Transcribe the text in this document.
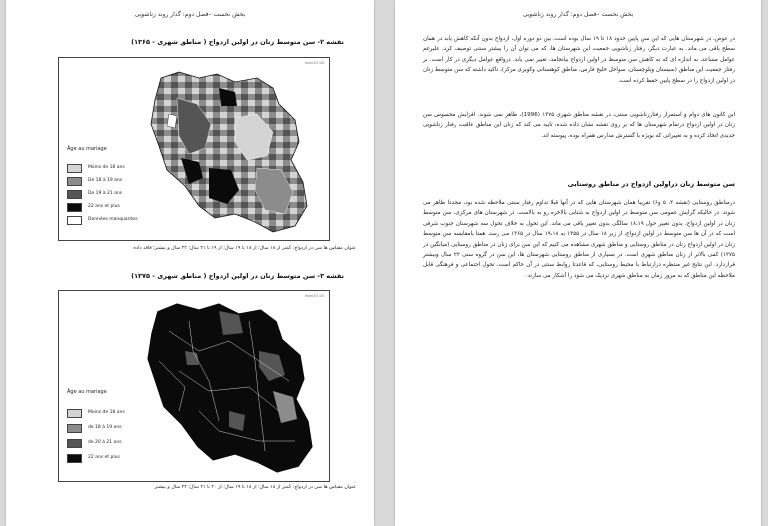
بخش نخست –فصل دوم: گذار روند زناشویی
نقشه ۲- سن متوسط زنان در اولین ازدواج ( مناطق شهری - ۱۳۶۵)
Ined 07-02
Âge au mariage
Moins de 18 ans
De 18 à 19 ans
De 19 à 21 ans
22 ans et plus
Données manquantes
عنوان مقیاس ها سن در ازدواج: کمتر از ۱۸ سال؛ از ۱۸ تا ۱۹ سال؛ از ۱۹ تا ۲۱ سال؛ ۲۲ سال و بیشتر؛ فاقد داده
نقشه ۳- سن متوسط زنان در اولین ازدواج ( مناطق شهری - ۱۳۷۵)
Ined 07-03
Âge au mariage
Moins de 18 ans
de 18 à 19 ans
de 20 à 21 ans
22 ans et plus
عنوان مقیاس ها سن در ازدواج: کمتر از ۱۸ سال؛ از ۱۸ تا ۱۹ سال؛ از ۲۰ تا ۲۱ سال؛ ۲۲ سال و بیشتر
بخش نخست –فصل دوم: گذار روند زناشویی
در عوض، در شهرستان هایی که این سن پایین حدود ۱۸ تا ۱۹ سال بوده است، بین دو دوره اول، ازدواج بدون آنکه کاهش یابد در همان سطح باقی می ماند. به عبارت دیگر، رفتار زناشویی جمعیت این شهرستان ها، که می توان آن را بیشتر سنتی توصیف کرد، علیرغم عوامل مساعد، به اندازه ای که به کاهش سن متوسط در اولین ازدواج بیانجامد، تغییر نمی یابد. درواقع عوامل دیگری در کار است. بر رفتار جمعیت این مناطق (سیستان وبلوچستان، سواحل خلیج فارس، مناطق کوهستانی وکویری مرکز)، تاکید داشته که سن متوسط زنان در اولین ازدواج را در سطح پایین حفظ کرده است.
این کانون های دوام و استمرار رفتارزناشویی سنتی، در نقشه مناطق شهری ۱۳۷۵ (1996)، ظاهر نمی شوند. افزایش محسوس سن زنان در اولین ازدواج درتمام شهرستان ها که بر روی نقشه نشان داده شده، تایید می کند که زنان این مناطق عاقبت رفتار زناشویی جدیدی اتخاذ کرده و به تغییراتی که بویژه با گسترش مدارس همراه بوده، پیوسته اند.
سن متوسط زنان دراولین ازدواج در مناطق روستایی
درمناطق روستایی (نقشه ۴، ۵ و۶) تقریبا همان شهرستان هایی که در آنها قبلا تداوم رفتار سنتی ملاحظه شده بود، مجددا ظاهر می شوند. در حالیکه گرایش عمومی سن متوسط در اولین ازدواج به شتابی بالاخره رو به بالاست. در شهرستان های مرکزی، سن متوسط زنان در اولین ازدواج، بدون تغییر حول ۱۸،۱۹ سالگی بدون تغییر باقی می ماند. این تحول به خلاف تحول سه شهرستان جنوب شرقی است که در آن ها سن متوسط در اولین ازدواج، از زیر ۱۸ سال در ۱۳۵۵ به ۱۹،۱۸ سال در ۱۳۶۵ می رسد. همتا بامقایسه سن متوسط زنان در اولین ازدواج زنان در مناطق روستایی و مناطق شهری مشاهده می کنیم که این سن برای زنان در مناطق روستایی (میانگین در ۱۳۷۵) کمی بالاتر از زنان مناطق شهری است. در بسیاری از مناطق روستایی شهرستان ها، این سن در گروه سنی ۲۲ سال وبیشتر قراردارد. این نتایج غیر منتظره درارتباط با محیط روستایی، که قاعدتا روابط سنتی در آن حاکم است، تحول اجتماعی و فرهنگی قابل ملاحظه این مناطق که به مرور زمان به مناطق شهری نزدیک می شود را آشکار می سازند.
